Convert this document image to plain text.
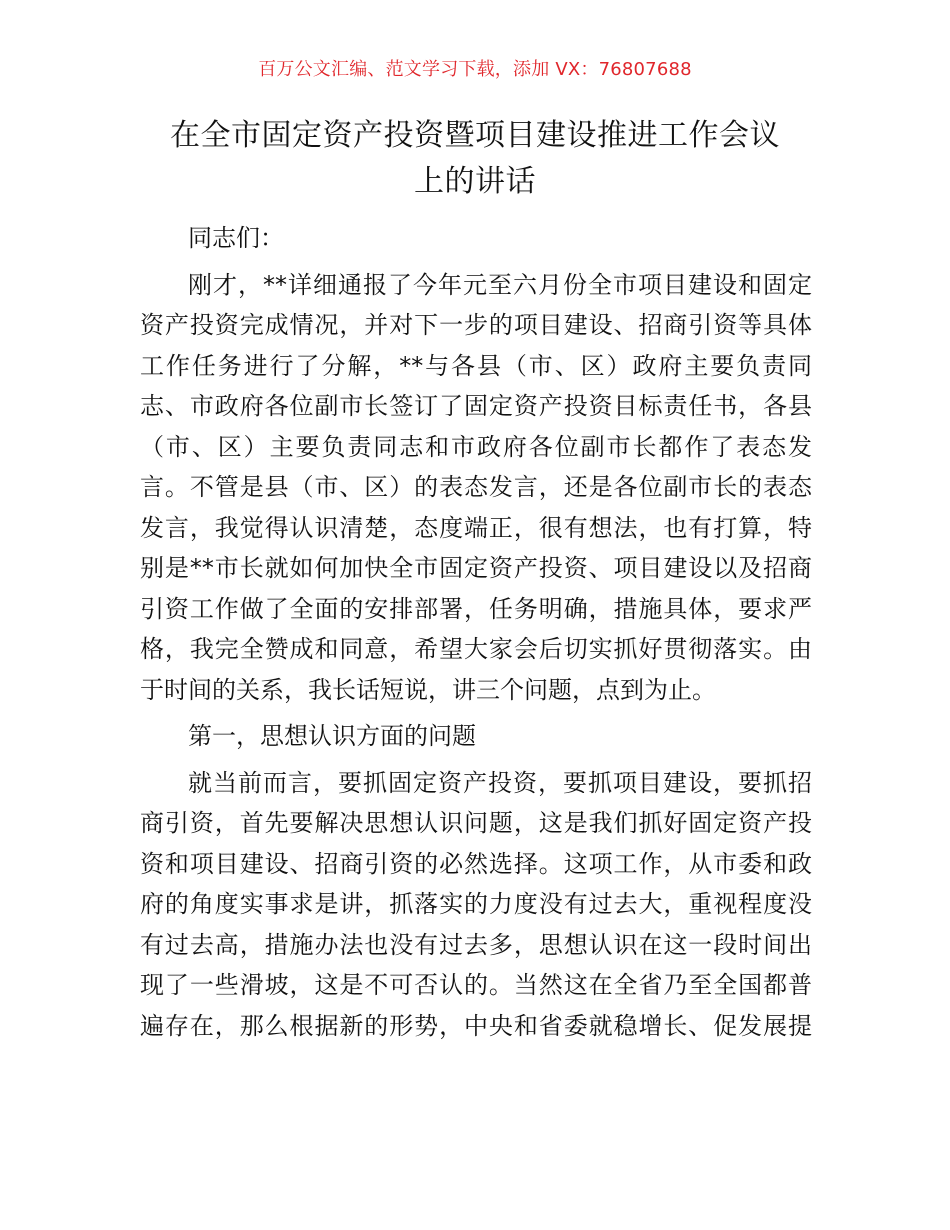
百万公文汇编、范文学习下载，添加 VX：76807688
在全市固定资产投资暨项目建设推进工作会议
上的讲话
同志们：
刚才，**详细通报了今年元至六月份全市项目建设和固定
资产投资完成情况，并对下一步的项目建设、招商引资等具体
工作任务进行了分解，**与各县（市、区）政府主要负责同
志、市政府各位副市长签订了固定资产投资目标责任书，各县
（市、区）主要负责同志和市政府各位副市长都作了表态发
言。不管是县（市、区）的表态发言，还是各位副市长的表态
发言，我觉得认识清楚，态度端正，很有想法，也有打算，特
别是**市长就如何加快全市固定资产投资、项目建设以及招商
引资工作做了全面的安排部署，任务明确，措施具体，要求严
格，我完全赞成和同意，希望大家会后切实抓好贯彻落实。由
于时间的关系，我长话短说，讲三个问题，点到为止。
第一，思想认识方面的问题
就当前而言，要抓固定资产投资，要抓项目建设，要抓招
商引资，首先要解决思想认识问题，这是我们抓好固定资产投
资和项目建设、招商引资的必然选择。这项工作，从市委和政
府的角度实事求是讲，抓落实的力度没有过去大，重视程度没
有过去高，措施办法也没有过去多，思想认识在这一段时间出
现了一些滑坡，这是不可否认的。当然这在全省乃至全国都普
遍存在，那么根据新的形势，中央和省委就稳增长、促发展提
